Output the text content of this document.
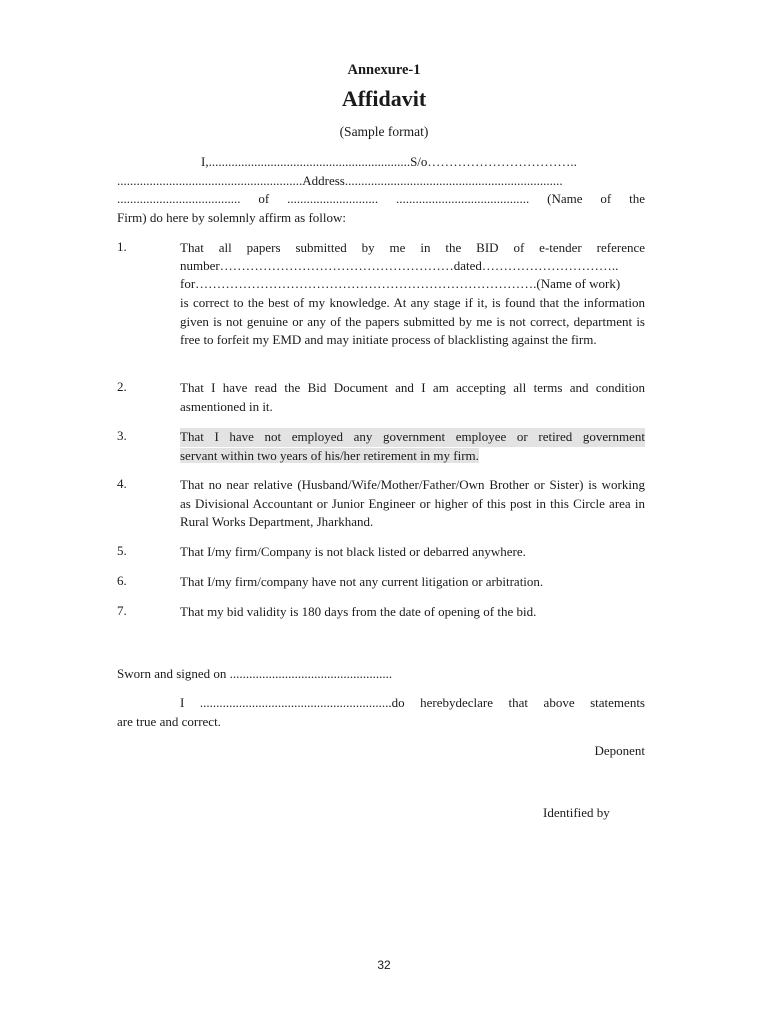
Annexure-1
Affidavit
(Sample format)
I,..............................................................S/o……………………………..
.........................................................Address...................................................................
...................................... of ............................ ......................................... (Name of the
Firm) do here by solemnly affirm as follow:
1.	That all papers submitted by me in the BID of e-tender reference
number………………………………………………dated…………………………..
for…………………………………………………………………….(Name of work)
is correct to the best of my knowledge. At any stage if it, is found that the information given is not genuine or any of the papers submitted by me is not correct, department is free to forfeit my EMD and may initiate process of blacklisting against the firm.
2.	That I have read the Bid Document and I am accepting all terms and condition asmentioned in it.
3.	That I have not employed any government employee or retired government
servant within two years of his/her retirement in my firm.
4.	That no near relative (Husband/Wife/Mother/Father/Own Brother or Sister) is working as Divisional Accountant or Junior Engineer or higher of this post in this Circle area in Rural Works Department, Jharkhand.
5.	That I/my firm/Company is not black listed or debarred anywhere.
6.	That I/my firm/company have not any current litigation or arbitration.
7.	That my bid validity is 180 days from the date of opening of the bid.
Sworn and signed on ..................................................
I ...........................................................do herebydeclare that above statements
are true and correct.
Deponent
Identified by
32
